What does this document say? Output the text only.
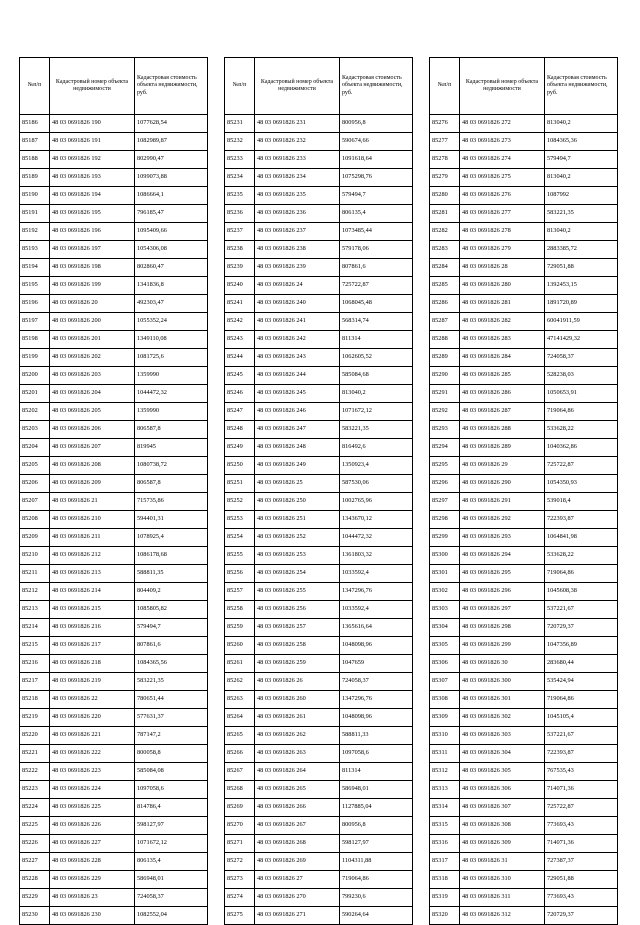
№п/п	Кадастровый номер объекта недвижимости	Кадастровая стоимость объекта недвижимости, руб.
85186	48 03 0691826 190	1077628,54
85187	48 03 0691826 191	1082989,87
85188	48 03 0691826 192	802990,47
85189	48 03 0691826 193	1099073,88
85190	48 03 0691826 194	1086664,1
85191	48 03 0691826 195	796185,47
85192	48 03 0691826 196	1095409,66
85193	48 03 0691826 197	1054306,08
85194	48 03 0691826 198	802860,47
85195	48 03 0691826 199	1341836,8
85196	48 03 0691826 20	492303,47
85197	48 03 0691826 200	1055352,24
85198	48 03 0691826 201	1349110,08
85199	48 03 0691826 202	1081725,6
85200	48 03 0691826 203	1359990
85201	48 03 0691826 204	1044472,32
85202	48 03 0691826 205	1359990
85203	48 03 0691826 206	806587,8
85204	48 03 0691826 207	819945
85205	48 03 0691826 208	1080738,72
85206	48 03 0691826 209	806587,8
85207	48 03 0691826 21	715735,86
85208	48 03 0691826 210	594401,31
85209	48 03 0691826 211	1078925,4
85210	48 03 0691826 212	1086178,68
85211	48 03 0691826 213	588811,35
85212	48 03 0691826 214	804409,2
85213	48 03 0691826 215	1085805,82
85214	48 03 0691826 216	579494,7
85215	48 03 0691826 217	807861,6
85216	48 03 0691826 218	1084365,56
85217	48 03 0691826 219	583221,35
85218	48 03 0691826 22	780651,44
85219	48 03 0691826 220	577631,37
85220	48 03 0691826 221	787147,2
85221	48 03 0691826 222	800058,8
85222	48 03 0691826 223	585084,08
85223	48 03 0691826 224	1097058,6
85224	48 03 0691826 225	814786,4
85225	48 03 0691826 226	598127,97
85226	48 03 0691826 227	1071672,12
85227	48 03 0691826 228	806135,4
85228	48 03 0691826 229	586948,01
85229	48 03 0691826 23	724058,37
85230	48 03 0691826 230	1082552,04
№п/п	Кадастровый номер объекта недвижимости	Кадастровая стоимость объекта недвижимости, руб.
85231	48 03 0691826 231	800956,8
85232	48 03 0691826 232	590674,66
85233	48 03 0691826 233	1091618,64
85234	48 03 0691826 234	1075298,76
85235	48 03 0691826 235	579494,7
85236	48 03 0691826 236	806135,4
85237	48 03 0691826 237	1073485,44
85238	48 03 0691826 238	579178,06
85239	48 03 0691826 239	807861,6
85240	48 03 0691826 24	725722,87
85241	48 03 0691826 240	1068045,48
85242	48 03 0691826 241	568314,74
85243	48 03 0691826 242	811314
85244	48 03 0691826 243	1062605,52
85245	48 03 0691826 244	585084,68
85246	48 03 0691826 245	813040,2
85247	48 03 0691826 246	1071672,12
85248	48 03 0691826 247	583221,35
85249	48 03 0691826 248	816492,6
85250	48 03 0691826 249	1350923,4
85251	48 03 0691826 25	587530,06
85252	48 03 0691826 250	1002765,96
85253	48 03 0691826 251	1343670,12
85254	48 03 0691826 252	1044472,32
85255	48 03 0691826 253	1361803,32
85256	48 03 0691826 254	1033592,4
85257	48 03 0691826 255	1347296,76
85258	48 03 0691826 256	1033592,4
85259	48 03 0691826 257	1365616,64
85260	48 03 0691826 258	1048098,96
85261	48 03 0691826 259	1047659
85262	48 03 0691826 26	724058,37
85263	48 03 0691826 260	1347296,76
85264	48 03 0691826 261	1048098,96
85265	48 03 0691826 262	588811,33
85266	48 03 0691826 263	1097058,6
85267	48 03 0691826 264	811314
85268	48 03 0691826 265	586948,01
85269	48 03 0691826 266	1127885,04
85270	48 03 0691826 267	800956,8
85271	48 03 0691826 268	598127,97
85272	48 03 0691826 269	1104311,88
85273	48 03 0691826 27	719064,86
85274	48 03 0691826 270	799230,6
85275	48 03 0691826 271	590264,64
№п/п	Кадастровый номер объекта недвижимости	Кадастровая стоимость объекта недвижимости, руб.
85276	48 03 0691826 272	813040,2
85277	48 03 0691826 273	1084365,36
85278	48 03 0691826 274	579494,7
85279	48 03 0691826 275	813040,2
85280	48 03 0691826 276	1087992
85281	48 03 0691826 277	583221,35
85282	48 03 0691826 278	813040,2
85283	48 03 0691826 279	2883385,72
85284	48 03 0691826 28	729051,88
85285	48 03 0691826 280	1392453,15
85286	48 03 0691826 281	1891720,89
85287	48 03 0691826 282	60041911,59
85288	48 03 0691826 283	47141429,32
85289	48 03 0691826 284	724058,37
85290	48 03 0691826 285	528238,03
85291	48 03 0691826 286	1050653,91
85292	48 03 0691826 287	719064,86
85293	48 03 0691826 288	533628,22
85294	48 03 0691826 289	1040362,86
85295	48 03 0691826 29	725722,87
85296	48 03 0691826 290	1054350,93
85297	48 03 0691826 291	539018,4
85298	48 03 0691826 292	722393,87
85299	48 03 0691826 293	1064841,98
85300	48 03 0691826 294	533628,22
85301	48 03 0691826 295	719064,86
85302	48 03 0691826 296	1045608,38
85303	48 03 0691826 297	537221,67
85304	48 03 0691826 298	720729,37
85305	48 03 0691826 299	1047356,89
85306	48 03 0691826 30	283680,44
85307	48 03 0691826 300	535424,94
85308	48 03 0691826 301	719064,86
85309	48 03 0691826 302	1045105,4
85310	48 03 0691826 303	537221,67
85311	48 03 0691826 304	722393,87
85312	48 03 0691826 305	767535,43
85313	48 03 0691826 306	714071,36
85314	48 03 0691826 307	725722,87
85315	48 03 0691826 308	773693,43
85316	48 03 0691826 309	714071,36
85317	48 03 0691826 31	727387,37
85318	48 03 0691826 310	729051,88
85319	48 03 0691826 311	773693,43
85320	48 03 0691826 312	720729,37
